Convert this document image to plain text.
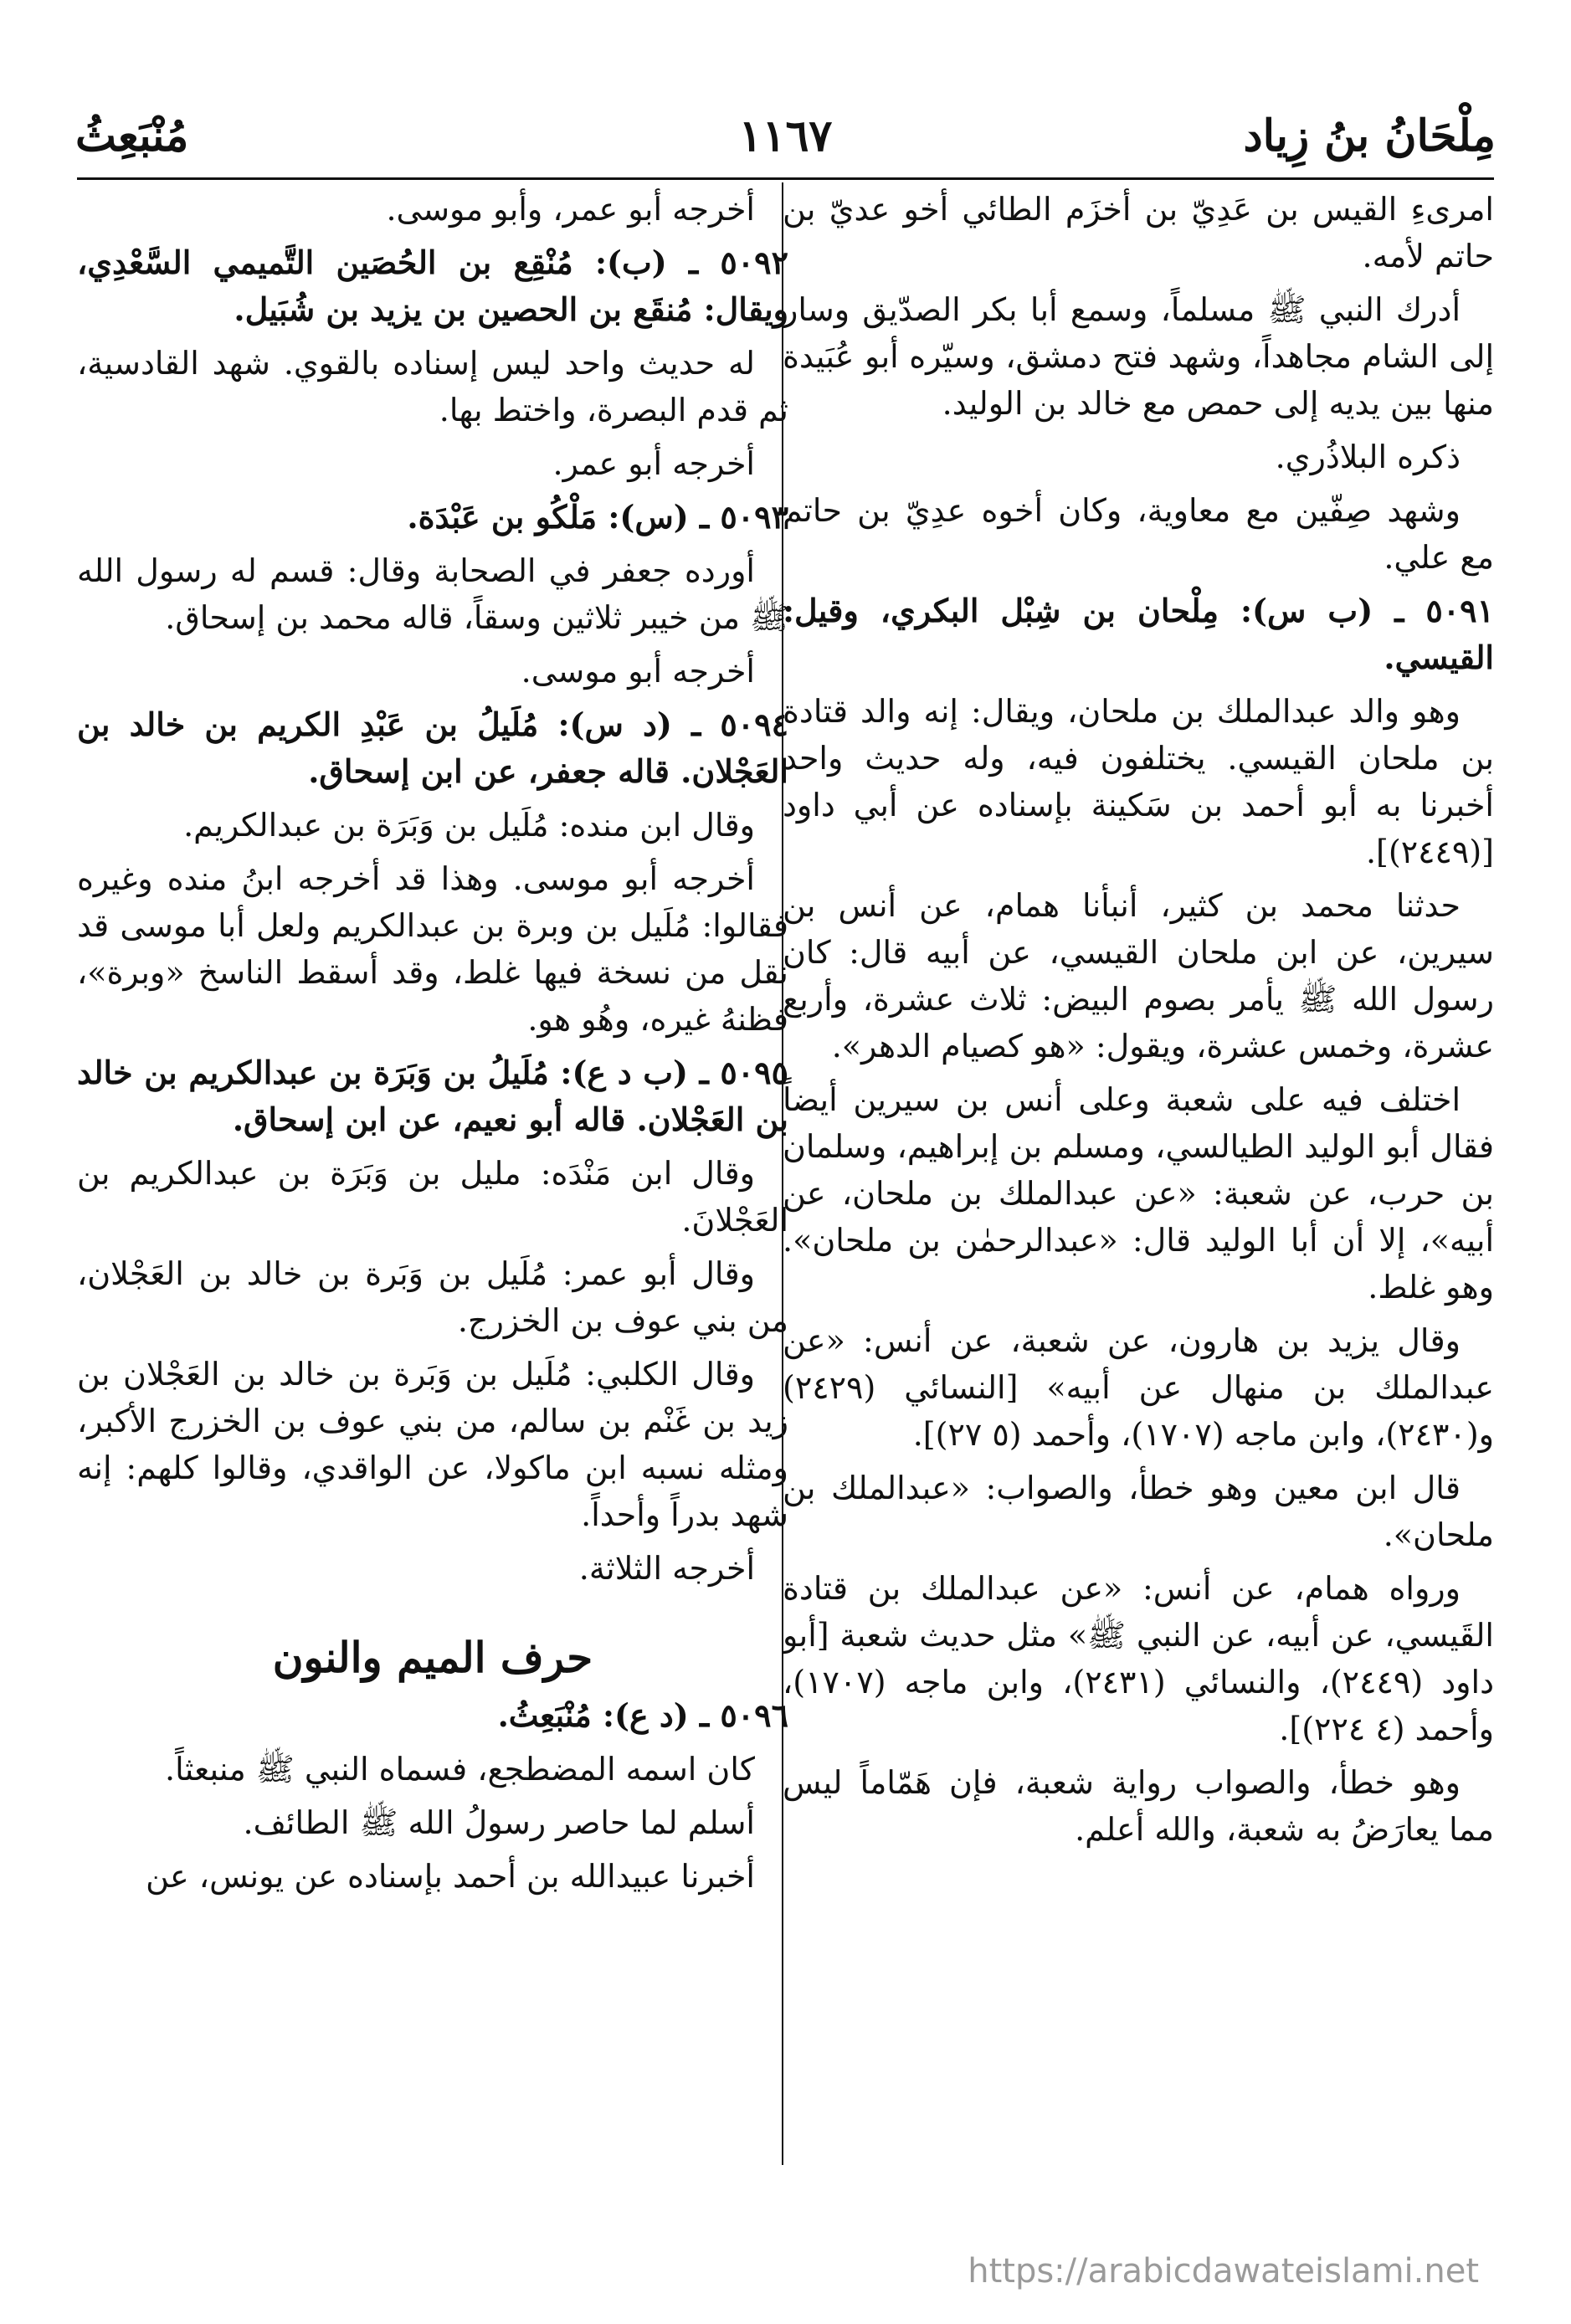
مِلْحَانُ بنُ زِياد
١١٦٧
مُنْبَعِثُ
امرىءِ القيس بن عَدِيّ بن أخزَم الطائي أخو عديّ بن حاتم لأمه.
أدرك النبي ﷺ مسلماً، وسمع أبا بكر الصدّيق وسار إلى الشام مجاهداً، وشهد فتح دمشق، وسيّره أبو عُبَيدة منها بين يديه إلى حمص مع خالد بن الوليد.
ذكره البلاذُري.
وشهد صِفّين مع معاوية، وكان أخوه عدِيّ بن حاتم مع علي.
٥٠٩١ ـ (ب س): مِلْحان بن شِبْل البكري، وقيل: القيسي.
وهو والد عبدالملك بن ملحان، ويقال: إنه والد قتادة بن ملحان القيسي. يختلفون فيه، وله حديث واحد أخبرنا به أبو أحمد بن سَكينة بإسناده عن أبي داود [(٢٤٤٩)].
حدثنا محمد بن كثير، أنبأنا همام، عن أنس بن سيرين، عن ابن ملحان القيسي، عن أبيه قال: كان رسول الله ﷺ يأمر بصوم البيض: ثلاث عشرة، وأربع عشرة، وخمس عشرة، ويقول: «هو كصيام الدهر».
اختلف فيه على شعبة وعلى أنس بن سيرين أيضاً فقال أبو الوليد الطيالسي، ومسلم بن إبراهيم، وسلمان بن حرب، عن شعبة: «عن عبدالملك بن ملحان، عن أبيه»، إلا أن أبا الوليد قال: «عبدالرحمٰن بن ملحان». وهو غلط.
وقال يزيد بن هارون، عن شعبة، عن أنس: «عن عبدالملك بن منهال عن أبيه» [النسائي (٢٤٢٩) و(٢٤٣٠)، وابن ماجه (١٧٠٧)، وأحمد (٥ ٢٧)].
قال ابن معين وهو خطأ، والصواب: «عبدالملك بن ملحان».
ورواه همام، عن أنس: «عن عبدالملك بن قتادة القَيسي، عن أبيه، عن النبي ﷺ» مثل حديث شعبة [أبو داود (٢٤٤٩)، والنسائي (٢٤٣١)، وابن ماجه (١٧٠٧)، وأحمد (٤ ٢٢٤)].
وهو خطأ، والصواب رواية شعبة، فإن هَمّاماً ليس مما يعارَضُ به شعبة، والله أعلم.
أخرجه أبو عمر، وأبو موسى.
٥٠٩٢ ـ (ب): مُنْقِع بن الحُصَين التَّميمي السَّعْدِي، ويقال: مُنقَع بن الحصين بن يزيد بن شُبَيل.
له حديث واحد ليس إسناده بالقوي. شهد القادسية، ثم قدم البصرة، واختط بها.
أخرجه أبو عمر.
٥٠٩٣ ـ (س): مَلْكُو بن عَبْدَة.
أورده جعفر في الصحابة وقال: قسم له رسول الله ﷺ من خيبر ثلاثين وسقاً، قاله محمد بن إسحاق.
أخرجه أبو موسى.
٥٠٩٤ ـ (د س): مُلَيلُ بن عَبْدِ الكريم بن خالد بن العَجْلان. قاله جعفر، عن ابن إسحاق.
وقال ابن منده: مُلَيل بن وَبَرَة بن عبدالكريم.
أخرجه أبو موسى. وهذا قد أخرجه ابنُ منده وغيره فقالوا: مُلَيل بن وبرة بن عبدالكريم ولعل أبا موسى قد نقل من نسخة فيها غلط، وقد أسقط الناسخ «وبرة»، فظنهُ غيره، وهُو هو.
٥٠٩٥ ـ (ب د ع): مُلَيلُ بن وَبَرَة بن عبدالكريم بن خالد بن العَجْلان. قاله أبو نعيم، عن ابن إسحاق.
وقال ابن مَنْدَه: مليل بن وَبَرَة بن عبدالكريم بن العَجْلانَ.
وقال أبو عمر: مُلَيل بن وَبَرة بن خالد بن العَجْلان، من بني عوف بن الخزرج.
وقال الكلبي: مُلَيل بن وَبَرة بن خالد بن العَجْلان بن زيد بن غَنْم بن سالم، من بني عوف بن الخزرج الأكبر، ومثله نسبه ابن ماكولا، عن الواقدي، وقالوا كلهم: إنه شهد بدراً وأحداً.
أخرجه الثلاثة.
حرف الميم والنون
٥٠٩٦ ـ (د ع): مُنْبَعِثُ.
كان اسمه المضطجع، فسماه النبي ﷺ منبعثاً.
أسلم لما حاصر رسولُ الله ﷺ الطائف.
أخبرنا عبيدالله بن أحمد بإسناده عن يونس، عن
https://arabicdawateislami.net
